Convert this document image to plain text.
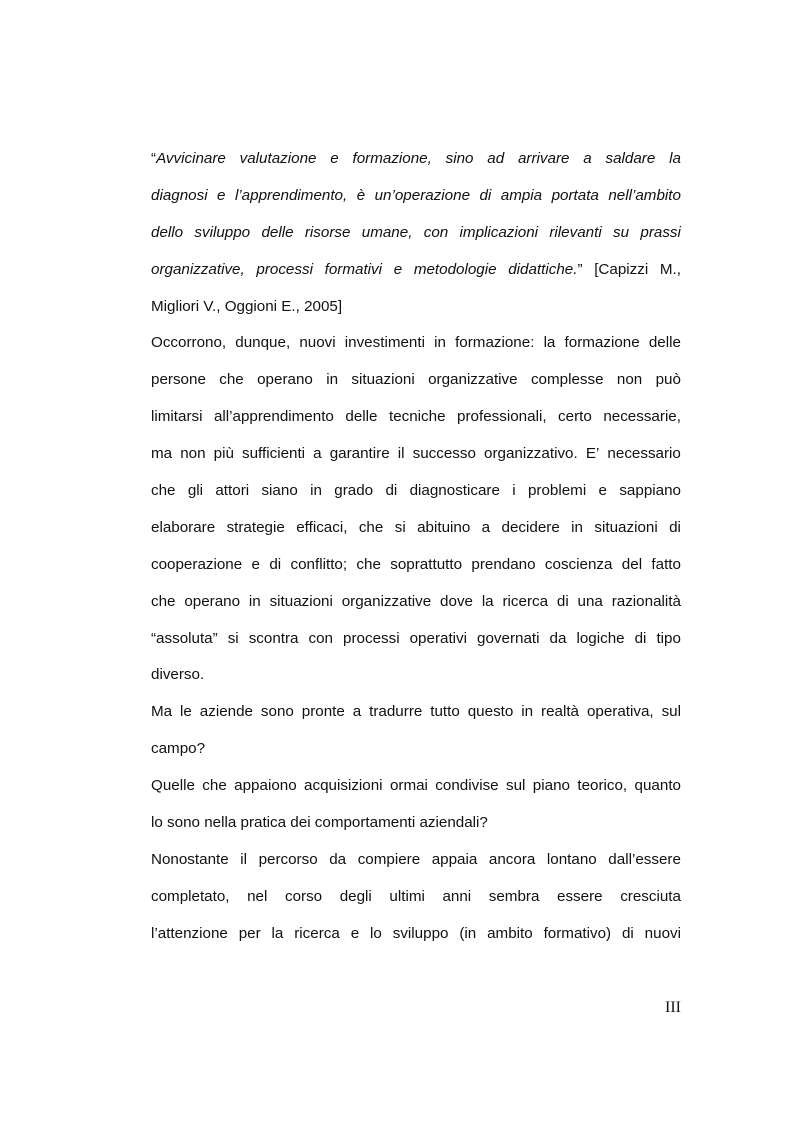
“Avvicinare valutazione e formazione, sino ad arrivare a saldare la
diagnosi e l’apprendimento, è un’operazione di ampia portata nell’ambito
dello sviluppo delle risorse umane, con implicazioni rilevanti su prassi
organizzative, processi formativi e metodologie didattiche.” [Capizzi M.,
Migliori V., Oggioni E., 2005]
Occorrono, dunque, nuovi investimenti in formazione: la formazione delle
persone che operano in situazioni organizzative complesse non può
limitarsi all’apprendimento delle tecniche professionali, certo necessarie,
ma non più sufficienti a garantire il successo organizzativo. E’ necessario
che gli attori siano in grado di diagnosticare i problemi e sappiano
elaborare strategie efficaci, che si abituino a decidere in situazioni di
cooperazione e di conflitto; che soprattutto prendano coscienza del fatto
che operano in situazioni organizzative dove la ricerca di una razionalità
“assoluta” si scontra con processi operativi governati da logiche di tipo
diverso.
Ma le aziende sono pronte a tradurre tutto questo in realtà operativa, sul
campo?
Quelle che appaiono acquisizioni ormai condivise sul piano teorico, quanto
lo sono nella pratica dei comportamenti aziendali?
Nonostante il percorso da compiere appaia ancora lontano dall’essere
completato, nel corso degli ultimi anni sembra essere cresciuta
l’attenzione per la ricerca e lo sviluppo (in ambito formativo) di nuovi
III
